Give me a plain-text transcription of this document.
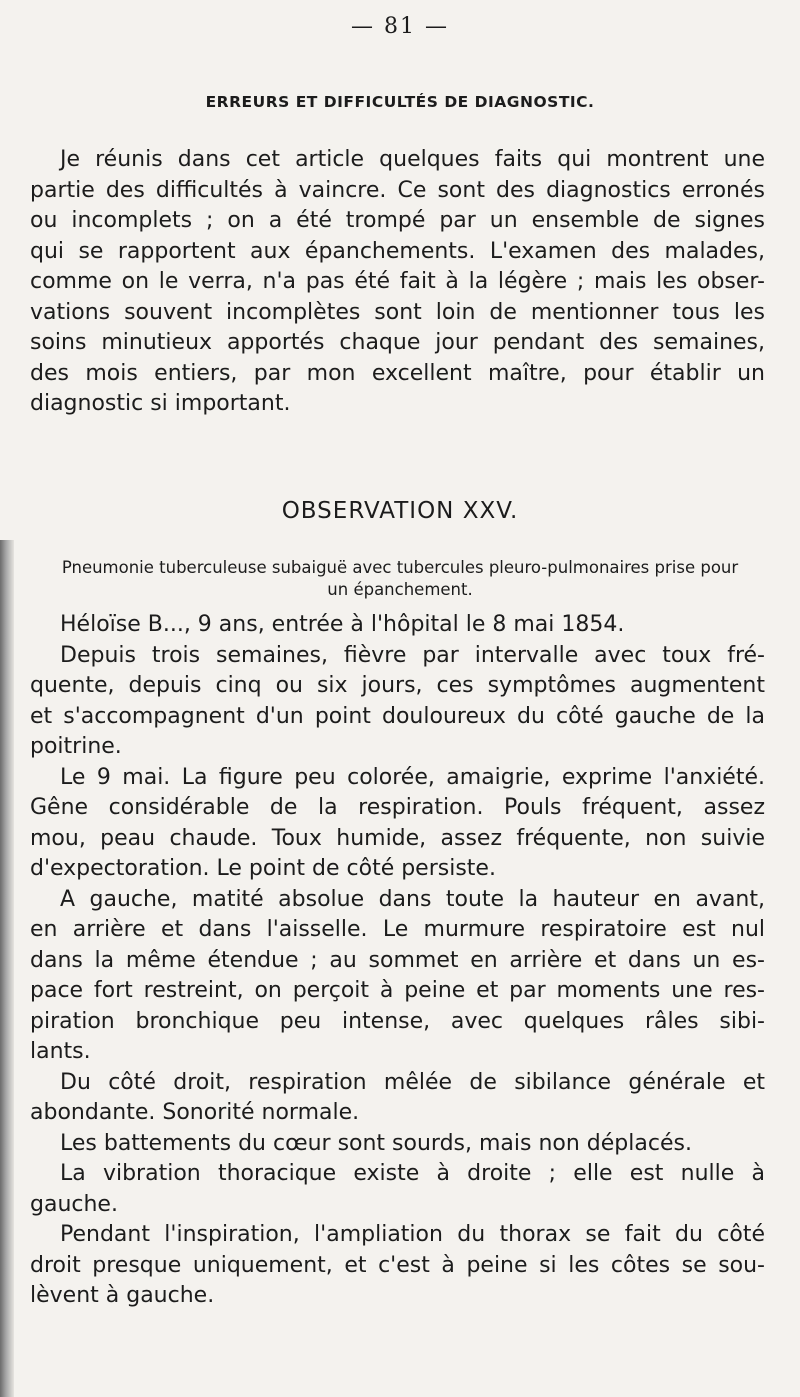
— 81 —
ERREURS ET DIFFICULTÉS DE DIAGNOSTIC.
Je réunis dans cet article quelques faits qui montrent une
partie des difficultés à vaincre. Ce sont des diagnostics erronés
ou incomplets ; on a été trompé par un ensemble de signes
qui se rapportent aux épanchements. L'examen des malades,
comme on le verra, n'a pas été fait à la légère ; mais les obser-
vations souvent incomplètes sont loin de mentionner tous les
soins minutieux apportés chaque jour pendant des semaines,
des mois entiers, par mon excellent maître, pour établir un
diagnostic si important.
OBSERVATION XXV.
Pneumonie tuberculeuse subaiguë avec tubercules pleuro-pulmonaires prise pour
un épanchement.
Héloïse B..., 9 ans, entrée à l'hôpital le 8 mai 1854.
Depuis trois semaines, fièvre par intervalle avec toux fré-
quente, depuis cinq ou six jours, ces symptômes augmentent
et s'accompagnent d'un point douloureux du côté gauche de la
poitrine.
Le 9 mai. La figure peu colorée, amaigrie, exprime l'anxiété.
Gêne considérable de la respiration. Pouls fréquent, assez
mou, peau chaude. Toux humide, assez fréquente, non suivie
d'expectoration. Le point de côté persiste.
A gauche, matité absolue dans toute la hauteur en avant,
en arrière et dans l'aisselle. Le murmure respiratoire est nul
dans la même étendue ; au sommet en arrière et dans un es-
pace fort restreint, on perçoit à peine et par moments une res-
piration bronchique peu intense, avec quelques râles sibi-
lants.
Du côté droit, respiration mêlée de sibilance générale et
abondante. Sonorité normale.
Les battements du cœur sont sourds, mais non déplacés.
La vibration thoracique existe à droite ; elle est nulle à
gauche.
Pendant l'inspiration, l'ampliation du thorax se fait du côté
droit presque uniquement, et c'est à peine si les côtes se sou-
lèvent à gauche.
